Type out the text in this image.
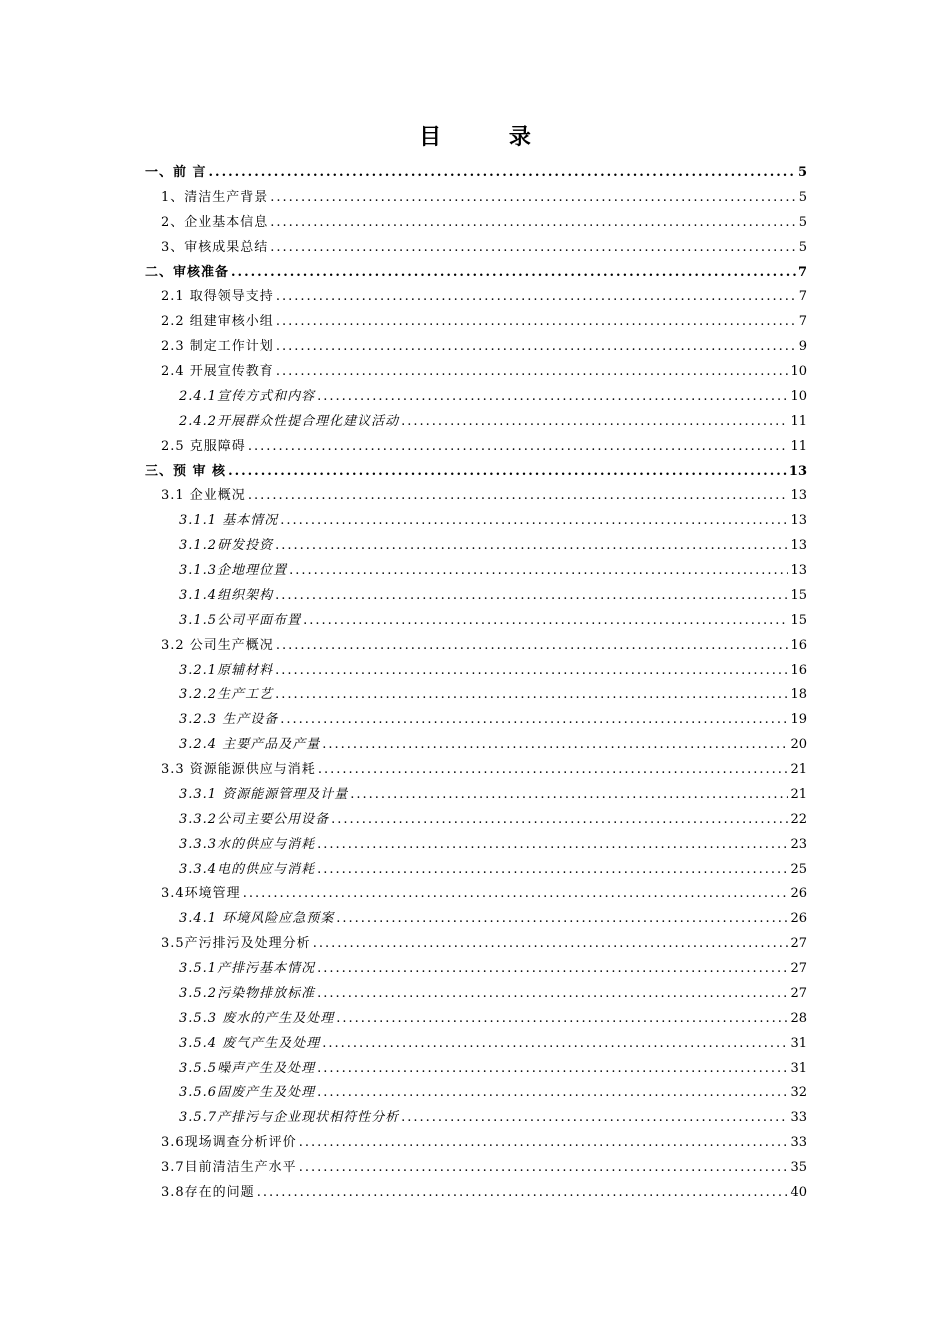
目 录
一、前 言 .....	5
1、清洁生产背景 .....	5
2、企业基本信息 .....	5
3、审核成果总结 .....	5
二、审核准备 .....	7
2.1 取得领导支持 .....	7
2.2 组建审核小组 .....	7
2.3 制定工作计划 .....	9
2.4 开展宣传教育 .....	10
2.4.1宣传方式和内容 .....	10
2.4.2开展群众性提合理化建议活动 .....	11
2.5 克服障碍 .....	11
三、预 审 核 .....	13
3.1 企业概况 .....	13
3.1.1 基本情况 .....	13
3.1.2研发投资 .....	13
3.1.3企地理位置 .....	13
3.1.4组织架构 .....	15
3.1.5公司平面布置 .....	15
3.2 公司生产概况 .....	16
3.2.1原辅材料 .....	16
3.2.2生产工艺 .....	18
3.2.3 生产设备 .....	19
3.2.4 主要产品及产量 .....	20
3.3 资源能源供应与消耗 .....	21
3.3.1 资源能源管理及计量 .....	21
3.3.2公司主要公用设备 .....	22
3.3.3水的供应与消耗 .....	23
3.3.4电的供应与消耗 .....	25
3.4环境管理 .....	26
3.4.1 环境风险应急预案 .....	26
3.5产污排污及处理分析 .....	27
3.5.1产排污基本情况 .....	27
3.5.2污染物排放标准 .....	27
3.5.3 废水的产生及处理 .....	28
3.5.4 废气产生及处理 .....	31
3.5.5噪声产生及处理 .....	31
3.5.6固废产生及处理 .....	32
3.5.7产排污与企业现状相符性分析 .....	33
3.6现场调查分析评价 .....	33
3.7目前清洁生产水平 .....	35
3.8存在的问题 .....	40
